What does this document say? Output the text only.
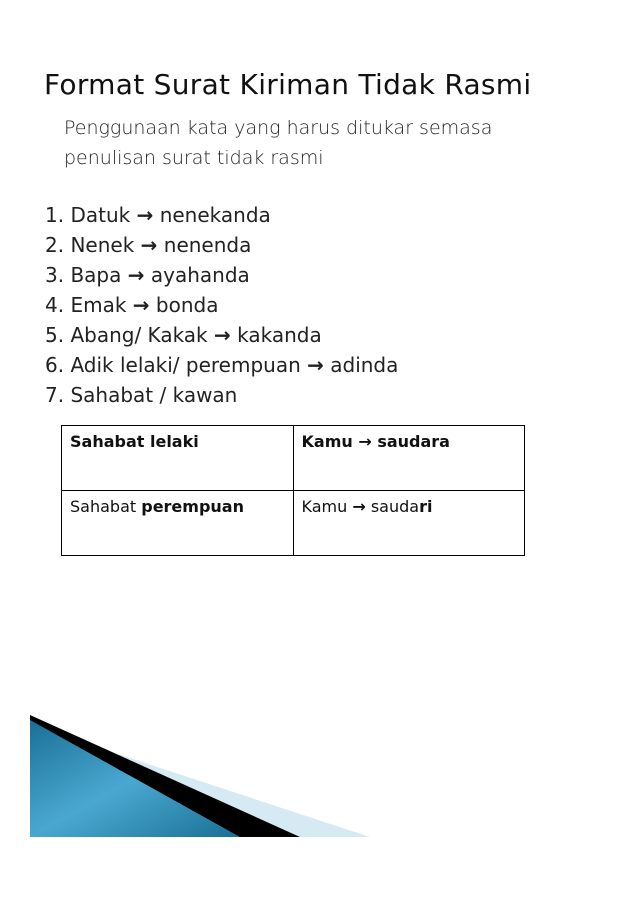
Format Surat Kiriman Tidak Rasmi
Penggunaan kata yang harus ditukar semasa penulisan surat tidak rasmi
1. Datuk → nenekanda
2. Nenek → nenenda
3. Bapa → ayahanda
4. Emak → bonda
5. Abang/ Kakak → kakanda
6. Adik lelaki/ perempuan → adinda
7. Sahabat / kawan
Sahabat lelaki	Kamu → saudara
Sahabat perempuan	Kamu → saudari
